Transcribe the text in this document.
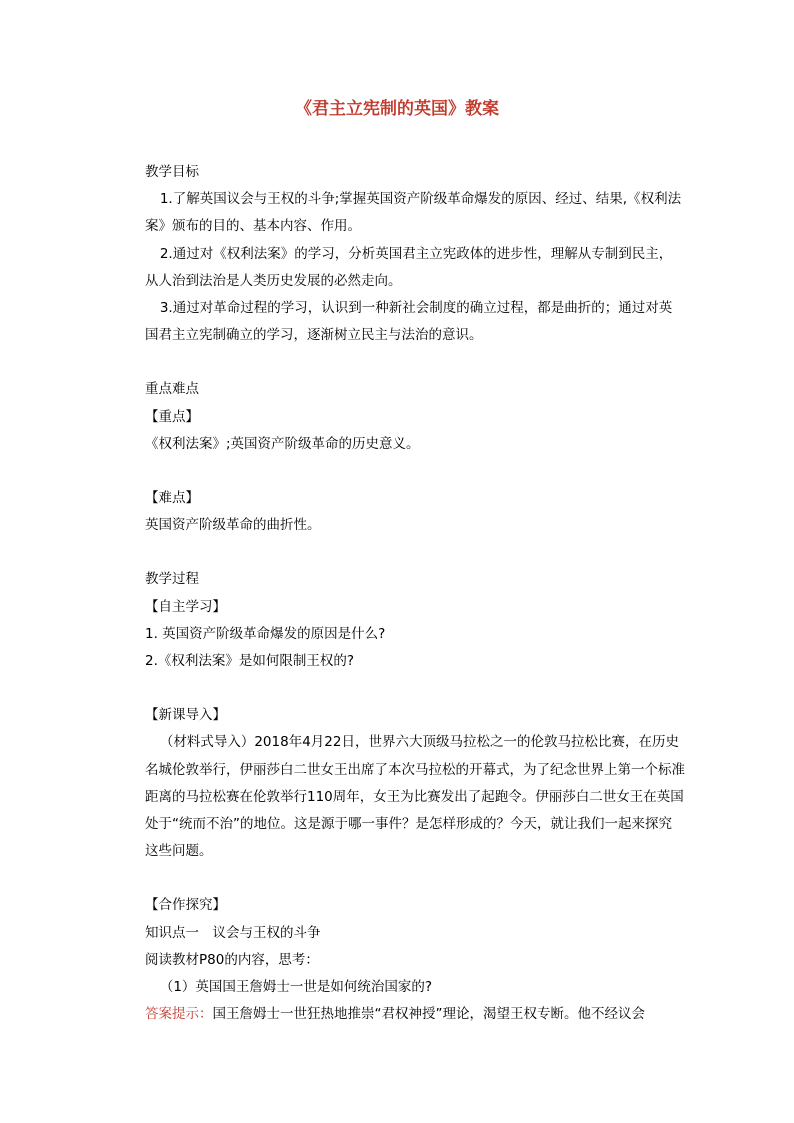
《君主立宪制的英国》教案

教学目标

1.了解英国议会与王权的斗争;掌握英国资产阶级革命爆发的原因、经过、结果,《权利法案》颁布的目的、基本内容、作用。

2.通过对《权利法案》的学习，分析英国君主立宪政体的进步性，理解从专制到民主，从人治到法治是人类历史发展的必然走向。

3.通过对革命过程的学习，认识到一种新社会制度的确立过程，都是曲折的；通过对英国君主立宪制确立的学习，逐渐树立民主与法治的意识。

重点难点

【重点】

《权利法案》;英国资产阶级革命的历史意义。

【难点】

英国资产阶级革命的曲折性。

教学过程

【自主学习】

1. 英国资产阶级革命爆发的原因是什么?

2.《权利法案》是如何限制王权的?

【新课导入】

（材料式导入）2018年4月22日，世界六大顶级马拉松之一的伦敦马拉松比赛，在历史名城伦敦举行，伊丽莎白二世女王出席了本次马拉松的开幕式，为了纪念世界上第一个标准距离的马拉松赛在伦敦举行110周年，女王为比赛发出了起跑令。伊丽莎白二世女王在英国处于“统而不治”的地位。这是源于哪一事件？是怎样形成的？今天，就让我们一起来探究这些问题。

【合作探究】

知识点一　议会与王权的斗争

阅读教材P80的内容，思考：

（1）英国国王詹姆士一世是如何统治国家的?

答案提示：国王詹姆士一世狂热地推崇“君权神授”理论，渴望王权专断。他不经议会
